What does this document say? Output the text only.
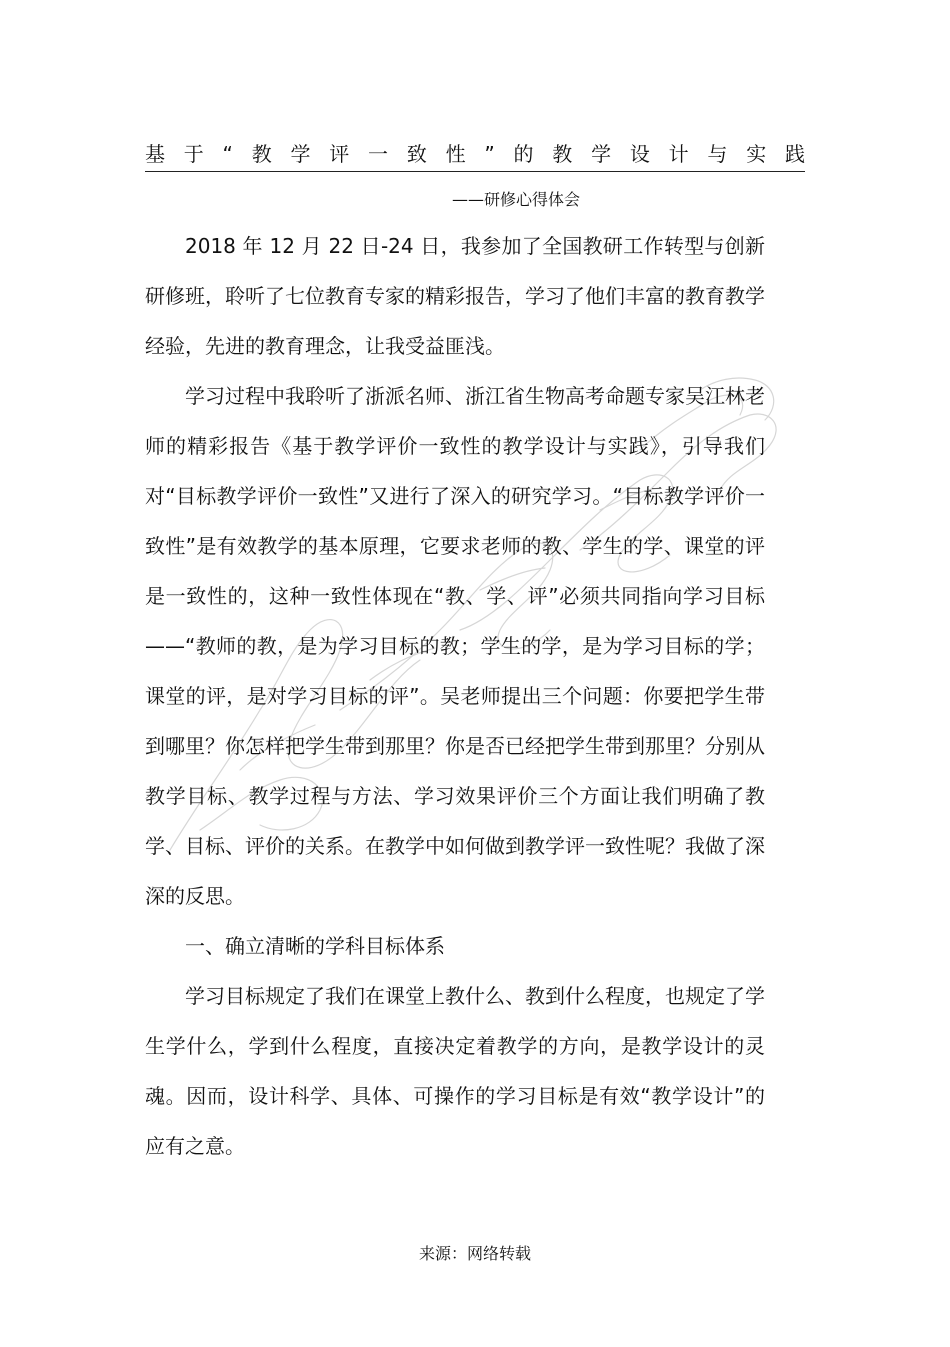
基于“教学评一致性”的教学设计与实践
——研修心得体会

2018 年 12 月 22 日-24 日，我参加了全国教研工作转型与创新研修班，聆听了七位教育专家的精彩报告，学习了他们丰富的教育教学经验，先进的教育理念，让我受益匪浅。

学习过程中我聆听了浙派名师、浙江省生物高考命题专家吴江林老师的精彩报告《基于教学评价一致性的教学设计与实践》，引导我们对“目标教学评价一致性”又进行了深入的研究学习。“目标教学评价一致性”是有效教学的基本原理，它要求老师的教、学生的学、课堂的评是一致性的，这种一致性体现在“教、学、评”必须共同指向学习目标——“教师的教，是为学习目标的教；学生的学，是为学习目标的学；课堂的评，是对学习目标的评”。吴老师提出三个问题：你要把学生带到哪里？你怎样把学生带到那里？你是否已经把学生带到那里？分别从教学目标、教学过程与方法、学习效果评价三个方面让我们明确了教学、目标、评价的关系。在教学中如何做到教学评一致性呢？我做了深深的反思。

一、确立清晰的学科目标体系

学习目标规定了我们在课堂上教什么、教到什么程度，也规定了学生学什么，学到什么程度，直接决定着教学的方向，是教学设计的灵魂。因而，设计科学、具体、可操作的学习目标是有效“教学设计”的应有之意。

来源：网络转载
